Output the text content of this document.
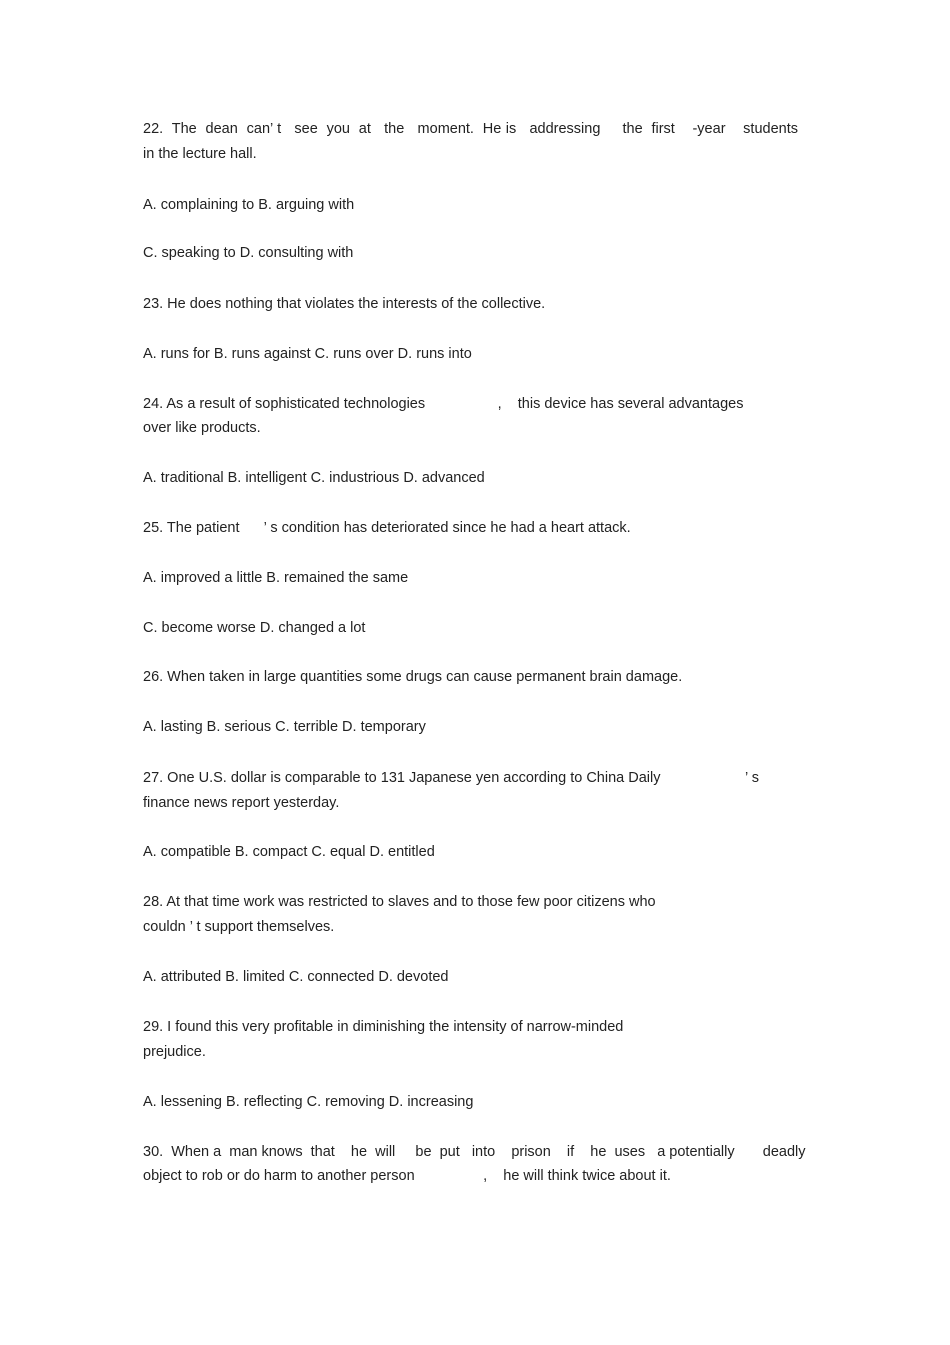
22.  The  dean  can’ t   see  you  at   the   moment.  He is   addressing     the  first    -year    students
in the lecture hall.
A. complaining to B. arguing with
C. speaking to D. consulting with
23. He does nothing that violates the interests of the collective.
A. runs for B. runs against C. runs over D. runs into
24. As a result of sophisticated technologies                  ,    this device has several advantages
over like products.
A. traditional B. intelligent C. industrious D. advanced
25. The patient      ’ s condition has deteriorated since he had a heart attack.
A. improved a little B. remained the same
C. become worse D. changed a lot
26. When taken in large quantities some drugs can cause permanent brain damage.
A. lasting B. serious C. terrible D. temporary
27. One U.S. dollar is comparable to 131 Japanese yen according to China Daily                     ’ s
finance news report yesterday.
A. compatible B. compact C. equal D. entitled
28. At that time work was restricted to slaves and to those few poor citizens who
couldn ’ t support themselves.
A. attributed B. limited C. connected D. devoted
29. I found this very profitable in diminishing the intensity of narrow-minded
prejudice.
A. lessening B. reflecting C. removing D. increasing
30.  When a  man knows  that    he  will     be  put   into    prison    if    he  uses   a potentially       deadly
object to rob or do harm to another person                 ,    he will think twice about it.
